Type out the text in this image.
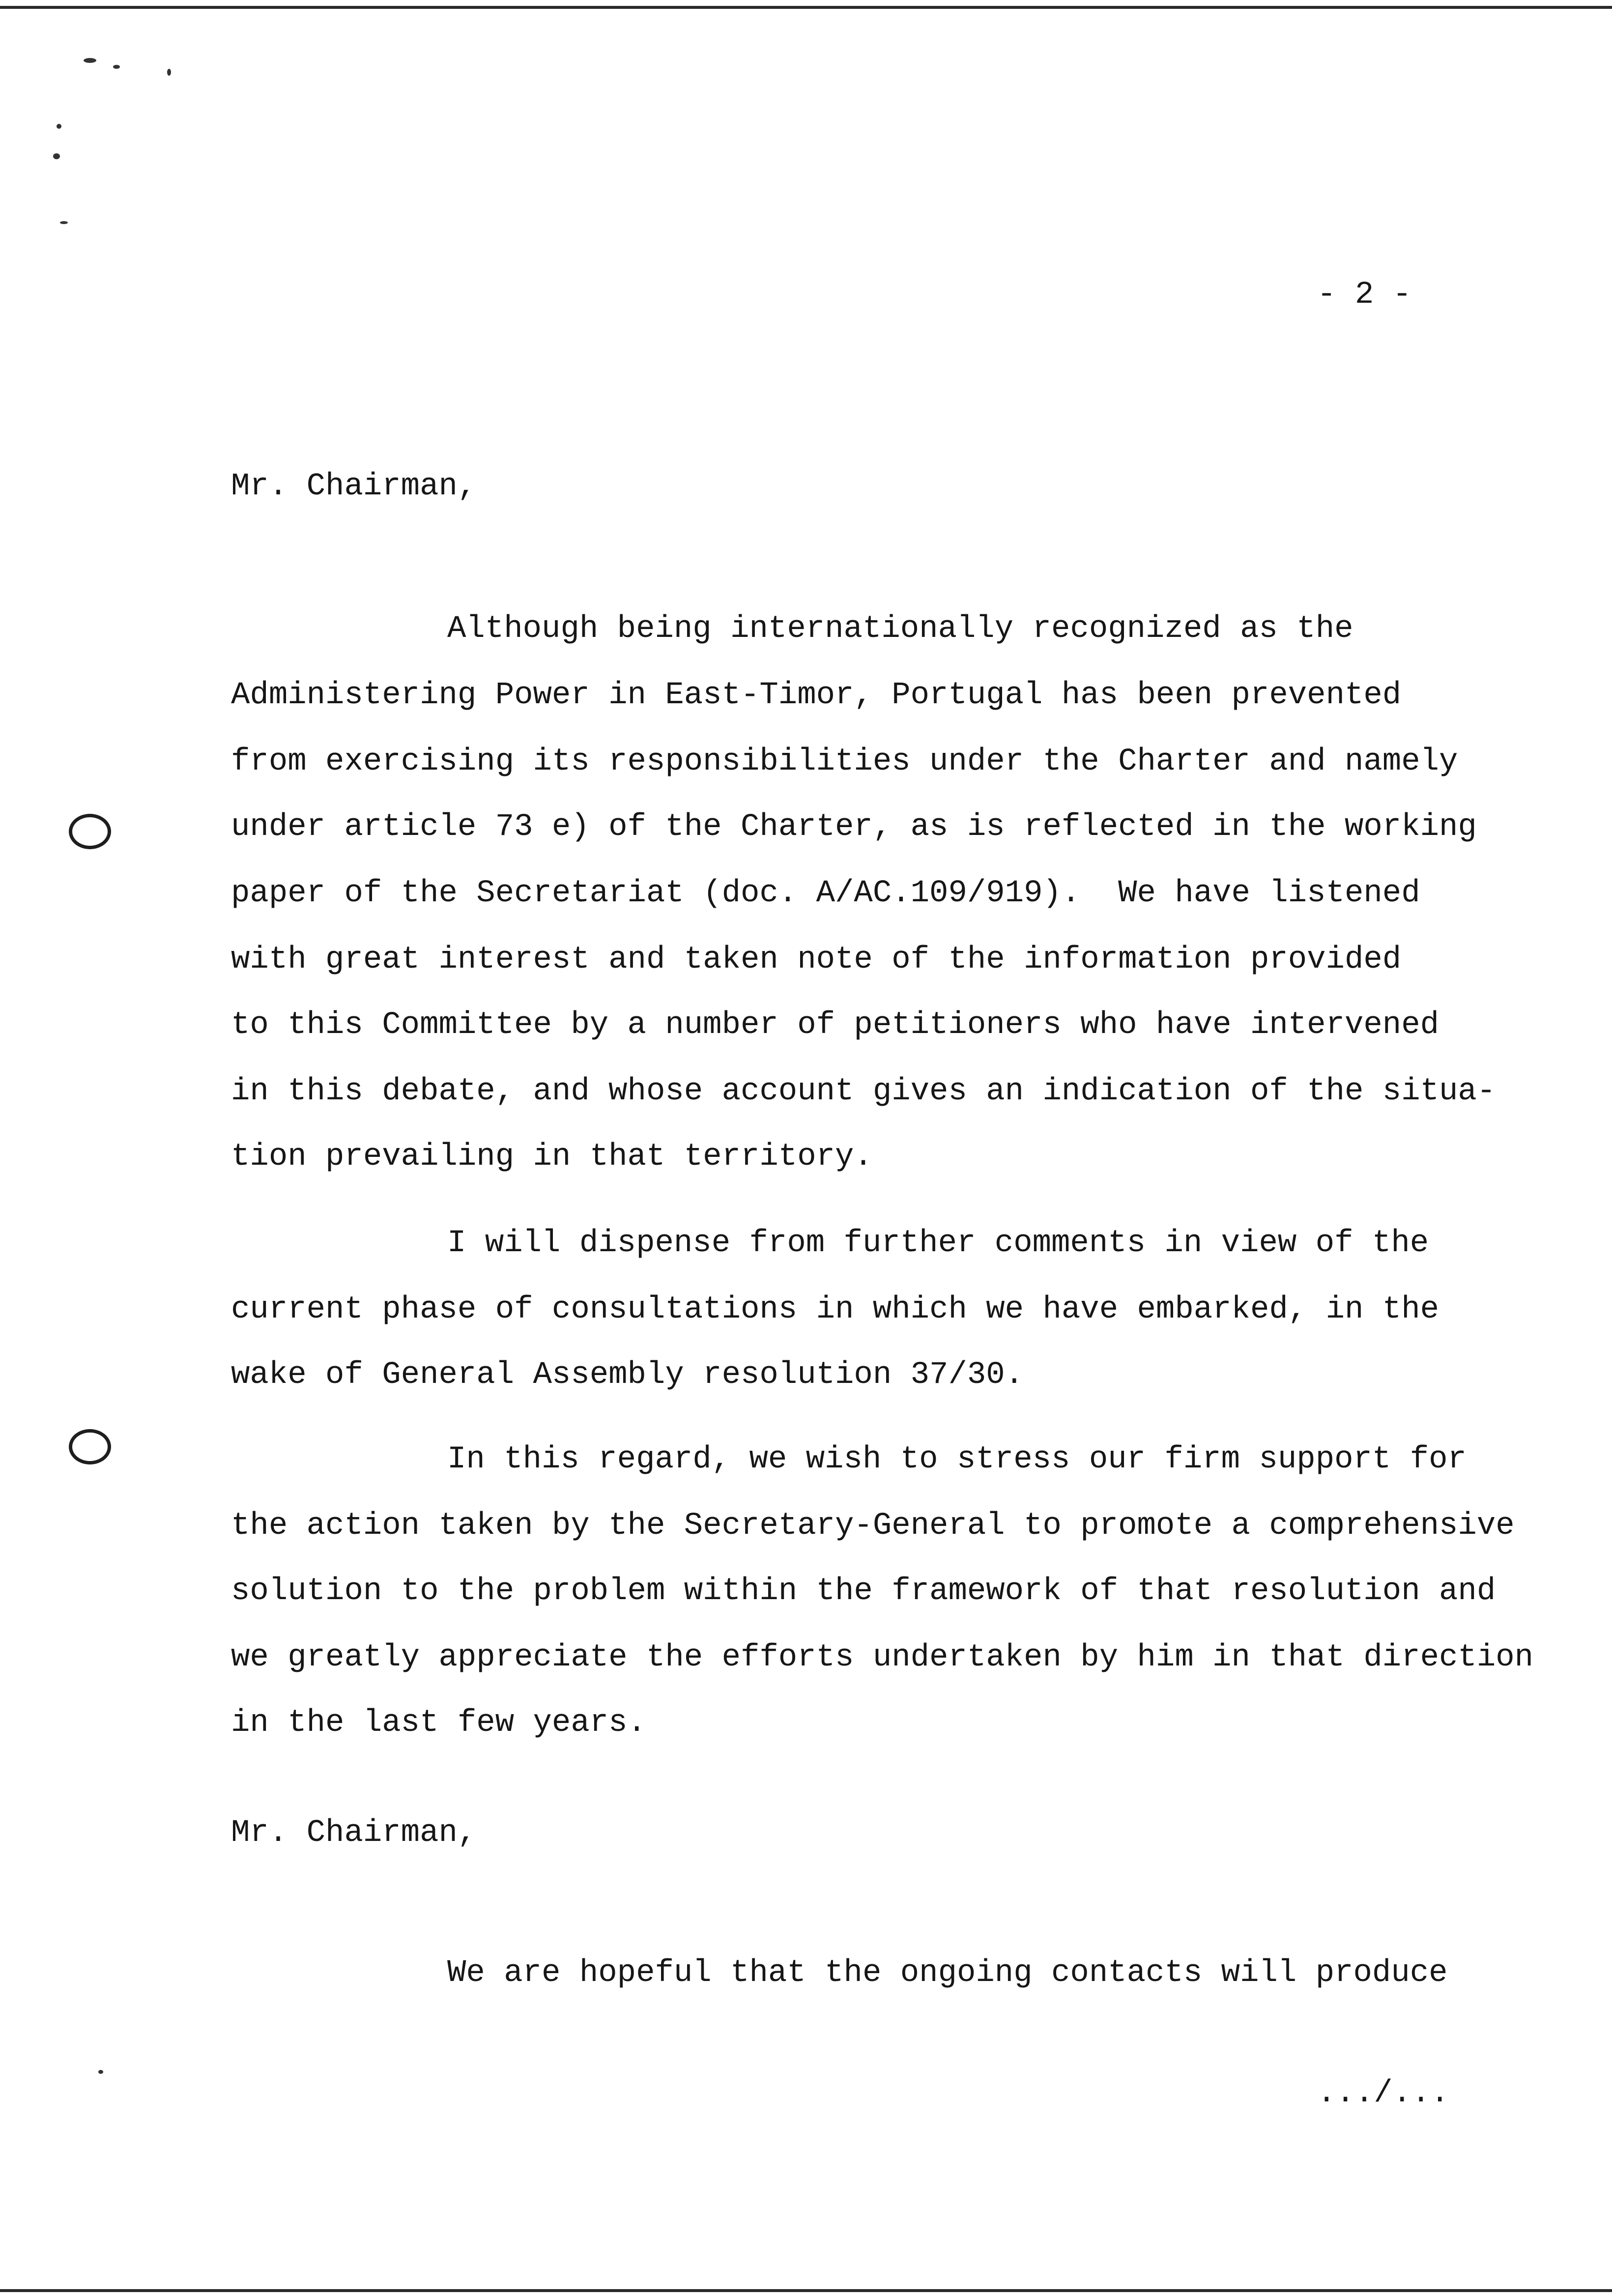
- 2 -
Mr. Chairman,
Although being internationally recognized as the
Administering Power in East-Timor, Portugal has been prevented
from exercising its responsibilities under the Charter and namely
under article 73 e) of the Charter, as is reflected in the working
paper of the Secretariat (doc. A/AC.109/919).  We have listened
with great interest and taken note of the information provided
to this Committee by a number of petitioners who have intervened
in this debate, and whose account gives an indication of the situa-
tion prevailing in that territory.
I will dispense from further comments in view of the
current phase of consultations in which we have embarked, in the
wake of General Assembly resolution 37/30.
In this regard, we wish to stress our firm support for
the action taken by the Secretary-General to promote a comprehensive
solution to the problem within the framework of that resolution and
we greatly appreciate the efforts undertaken by him in that direction
in the last few years.
Mr. Chairman,
We are hopeful that the ongoing contacts will produce
.../...
